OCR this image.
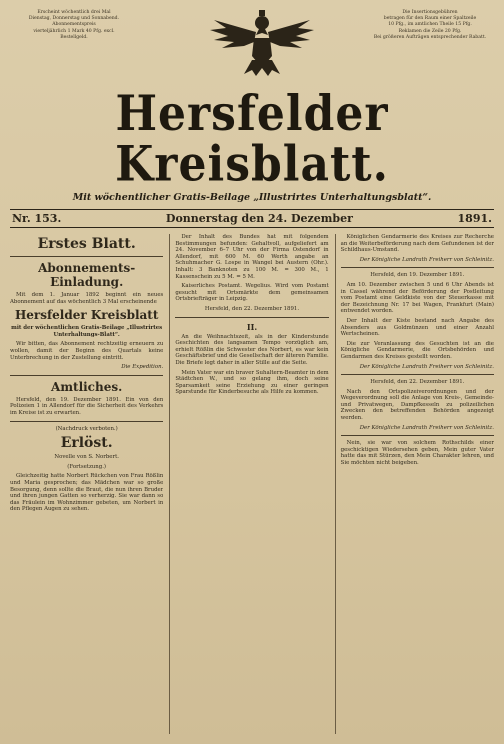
Erscheint wöchentlich drei Mal
Dienstag, Donnerstag und Sonnabend.
Abonnementspreis
vierteljährlich 1 Mark 40 Pfg. excl.
Bestellgeld.
Die Insertionsgebühren
betragen für den Raum einer Spaltzeile
10 Pfg., im amtlichen Theile 15 Pfg.
Reklamen die Zeile 20 Pfg.
Bei größeren Aufträgen entsprechender Rabatt.
Hersfelder Kreisblatt.
Mit wöchentlicher Gratis-Beilage „Illustrirtes Unterhaltungsblatt“.
Nr. 153.	Donnerstag den 24. Dezember	1891.
Erstes Blatt.
Abonnements-Einladung.

Mit dem 1. Januar 1892 beginnt ein neues Abonnement auf das wöchentlich 3 Mal erscheinende

Hersfelder Kreisblatt

mit der wöchentlichen Gratis-Beilage „Illustrirtes Unterhaltungs-Blatt“.

Wir bitten, das Abonnement rechtzeitig erneuern zu wollen, damit der Beginn des Quartals keine Unterbrechung in der Zustellung eintritt.

Die Expedition.

Amtliches.

Hersfeld, den 19. Dezember 1891. Ein von den Polizeien 1 in Allendorf für die Sicherheit des Verkehrs im Kreise ist zu erwarten.

(Nachdruck verboten.)

Erlöst.

Novelle von S. Norbert.

(Fortsetzung.)

Gleichzeitig hatte Norbert Rückchen von Frau Rößlin und Maria gesprochen; das Mädchen war so große Besorgung, denn sollte die Braut, die nun ihren Bruder und ihren jungen Gatten so verherzig. Sie war dann so das Fräulein im Wohnzimmer gebeten, um Norbert in den Pflegen Augen zu sehen.

Der Inhalt des Bundes hat mit folgendem Bestimmungen befunden: Gehaltvoll, aufgeliefert am 24. November 6–7 Uhr von der Firma Ostendorf in Allendorf, mit 600 M. 60 Werth angabe an Schuhmacher G. Lospe in Wangel bei Austern (Ohr.). Inhalt: 3 Banknoten zu 100 M. = 300 M., 1 Kassenschein zu 5 M. = 5 M.

Kaiserliches Postamt. Wegelius. Wird vom Postamt gesucht mit Ortsmärkte dem gemeinsamen Ortsbriefträger in Leipzig.

Hersfeld, den 22. Dezember 1891.

II.

An die Weihnachtszeit, als in der Kinderstunde Geschichten des langsamen Tempo vorzüglich am, erhielt Rößlin die Schwester des Norbert, es war kein Geschäftsbrief und die Gesellschaft der älteren Familie. Die Briefe legt daher in aller Stille auf die Seite.

Mein Vater war ein braver Suhaltern-Beamter in dem Städtchen W., und so gelang ihm, doch seine Sparsamkeit seine Erziehung zu einer geringen Sparstunde für Kinderbesuche als Hilfe zu kommen.

Königlichen Gendarmerie des Kreises zur Recherche an die Weiterbeförderung nach dem Gefundenen ist der Schildhaus-Umstand.

Der Königliche Landrath Freiherr von Schleinitz.

Hersfeld, den 19. Dezember 1891.

Am 10. Dezember zwischen 5 und 6 Uhr Abends ist in Cassel während der Beförderung der Postleitung vom Postamt eine Geldkiste von der Steuerkasse mit der Bezeichnung Nr. 17 bei Wagen, Frankfurt (Main) entwendet worden.

Der Inhalt der Kiste bestand nach Angabe des Absenders aus Goldmünzen und einer Anzahl Wertscheinen.

Die zur Veranlassung des Gesuchten ist an die Königliche Gendarmerie, die Ortsbehörden und Gendarmen des Kreises gestellt worden.

Der Königliche Landrath Freiherr von Schleinitz.

Hersfeld, den 22. Dezember 1891.

Nach den Ortspolizeiverordnungen und der Wegeverordnung soll die Anlage von Kreis-, Gemeinde- und Privatwegen, Dampfkesseln zu polizeilichen Zwecken den betreffenden Behörden angezeigt werden.

Der Königliche Landrath Freiherr von Schleinitz.

Nein, sie war von solchem Rothschilds einer geschicktigen Wiedersehen geben, Mein guter Vater hatte das mit Stürzen, den Mein Charakter lehren, und Sie möchten nicht beigeben.
